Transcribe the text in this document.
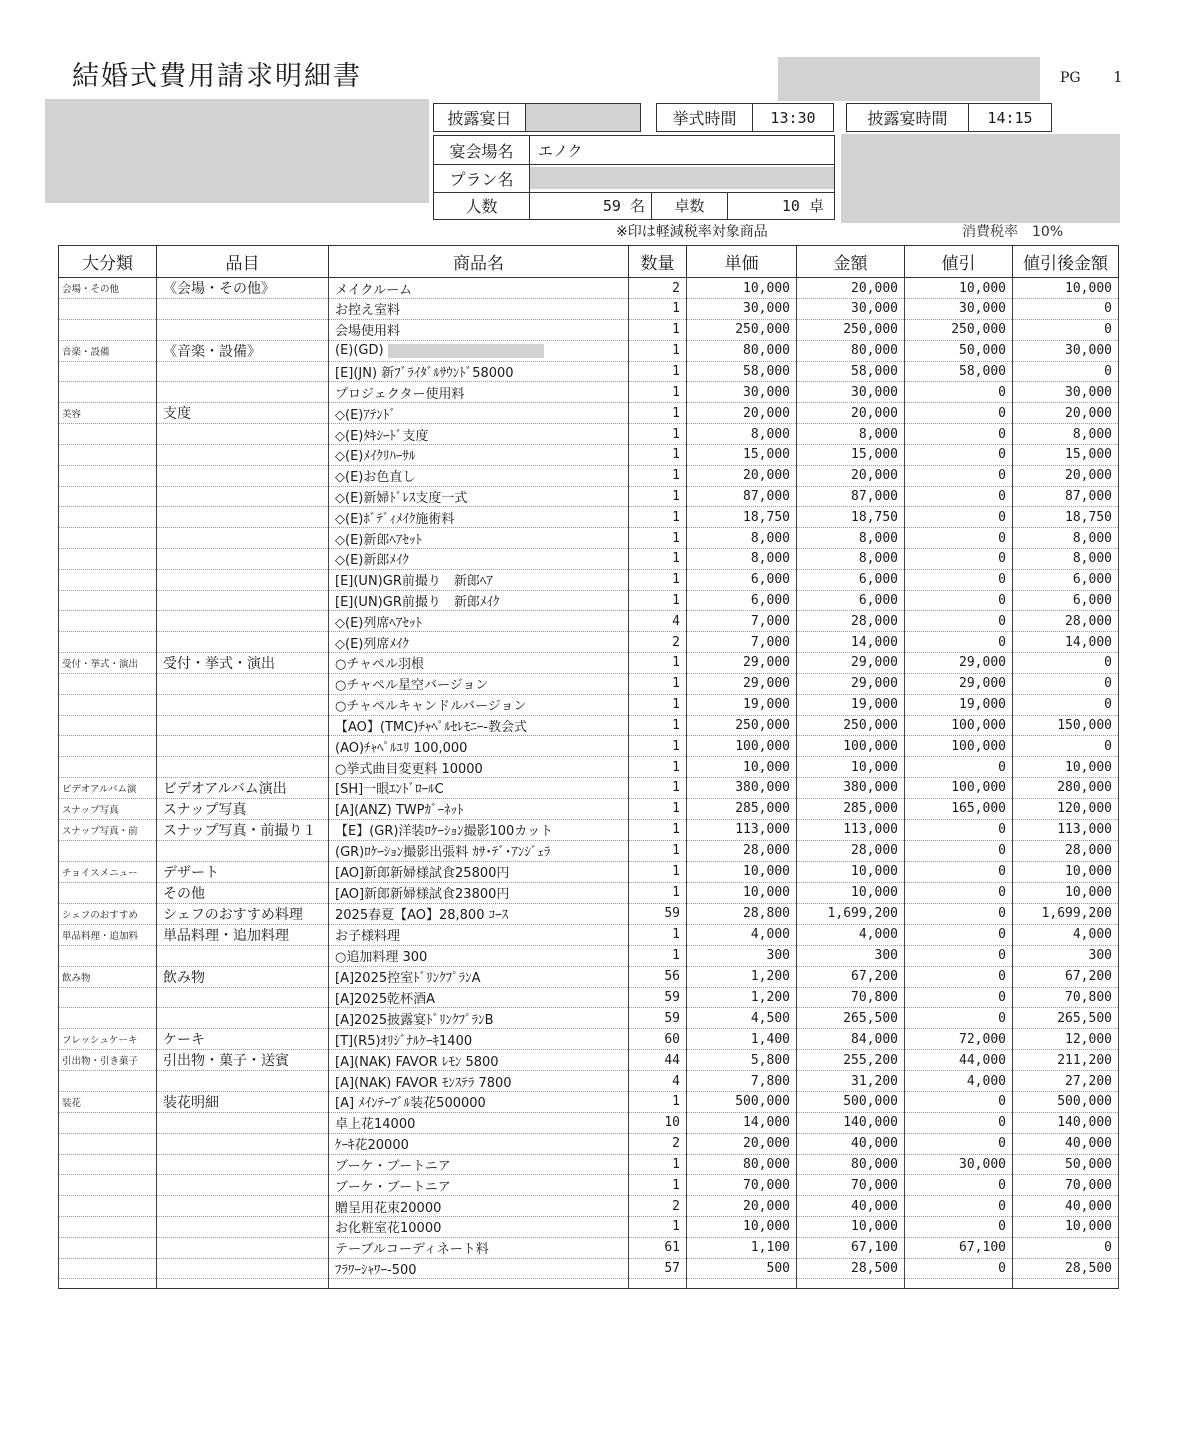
結婚式費用請求明細書	PG 1
披露宴日	挙式時間	13:30	披露宴時間	14:15
宴会場名	エノク
プラン名
人数	59 名	卓数	10 卓
※印は軽減税率対象商品	消費税率　10%
大分類	品目	商品名	数量	単価	金額	値引	値引後金額
会場・その他	《会場・その他》	メイクルーム	2	10,000	20,000	10,000	10,000
		お控え室料	1	30,000	30,000	30,000	0
		会場使用料	1	250,000	250,000	250,000	0
音楽・設備	《音楽・設備》	(E)(GD)	1	80,000	80,000	50,000	30,000
		[E](JN) 新ﾌﾞﾗｲﾀﾞﾙｻｳﾝﾄﾞ58000	1	58,000	58,000	58,000	0
		プロジェクター使用料	1	30,000	30,000	0	30,000
美容	支度	◇(E)ｱﾃﾝﾄﾞ	1	20,000	20,000	0	20,000
		◇(E)ﾀｷｼｰﾄﾞ支度	1	8,000	8,000	0	8,000
		◇(E)ﾒｲｸﾘﾊｰｻﾙ	1	15,000	15,000	0	15,000
		◇(E)お色直し	1	20,000	20,000	0	20,000
		◇(E)新婦ﾄﾞﾚｽ支度一式	1	87,000	87,000	0	87,000
		◇(E)ﾎﾞﾃﾞｨﾒｲｸ施術料	1	18,750	18,750	0	18,750
		◇(E)新郎ﾍｱｾｯﾄ	1	8,000	8,000	0	8,000
		◇(E)新郎ﾒｲｸ	1	8,000	8,000	0	8,000
		[E](UN)GR前撮り　新郎ﾍｱ	1	6,000	6,000	0	6,000
		[E](UN)GR前撮り　新郎ﾒｲｸ	1	6,000	6,000	0	6,000
		◇(E)列席ﾍｱｾｯﾄ	4	7,000	28,000	0	28,000
		◇(E)列席ﾒｲｸ	2	7,000	14,000	0	14,000
受付・挙式・演出	受付・挙式・演出	○チャペル羽根	1	29,000	29,000	29,000	0
		○チャペル星空バージョン	1	29,000	29,000	29,000	0
		○チャペルキャンドルバージョン	1	19,000	19,000	19,000	0
		【AO】(TMC)ﾁｬﾍﾟﾙｾﾚﾓﾆｰ-教会式	1	250,000	250,000	100,000	150,000
		(AO)ﾁｬﾍﾟﾙﾕﾘ 100,000	1	100,000	100,000	100,000	0
		○挙式曲目変更料 10000	1	10,000	10,000	0	10,000
ビデオアルバム演	ビデオアルバム演出	[SH]一眼ｴﾝﾄﾞﾛｰﾙC	1	380,000	380,000	100,000	280,000
スナップ写真	スナップ写真	[A](ANZ) TWPｶﾞｰﾈｯﾄ	1	285,000	285,000	165,000	120,000
スナップ写真・前	スナップ写真・前撮り１	【E】(GR)洋装ﾛｹｰｼｮﾝ撮影100カット	1	113,000	113,000	0	113,000
		(GR)ﾛｹｰｼｮﾝ撮影出張料 ｶｻ･ﾃﾞ･ｱﾝｼﾞｪﾗ	1	28,000	28,000	0	28,000
チョイスメニュー	デザート	[AO]新郎新婦様試食25800円	1	10,000	10,000	0	10,000
	その他	[AO]新郎新婦様試食23800円	1	10,000	10,000	0	10,000
シェフのおすすめ	シェフのおすすめ料理	2025春夏【AO】28,800 ｺｰｽ	59	28,800	1,699,200	0	1,699,200
単品料理・追加料	単品料理・追加料理	お子様料理	1	4,000	4,000	0	4,000
		○追加料理 300	1	300	300	0	300
飲み物	飲み物	[A]2025控室ﾄﾞﾘﾝｸﾌﾟﾗﾝA	56	1,200	67,200	0	67,200
		[A]2025乾杯酒A	59	1,200	70,800	0	70,800
		[A]2025披露宴ﾄﾞﾘﾝｸﾌﾟﾗﾝB	59	4,500	265,500	0	265,500
フレッシュケーキ	ケーキ	[T](R5)ｵﾘｼﾞﾅﾙｹｰｷ1400	60	1,400	84,000	72,000	12,000
引出物・引き菓子	引出物・菓子・送賓	[A](NAK) FAVOR ﾚﾓﾝ 5800	44	5,800	255,200	44,000	211,200
		[A](NAK) FAVOR ﾓﾝｽﾃﾗ 7800	4	7,800	31,200	4,000	27,200
装花	装花明細	[A] ﾒｲﾝﾃｰﾌﾞﾙ装花500000	1	500,000	500,000	0	500,000
		卓上花14000	10	14,000	140,000	0	140,000
		ｹｰｷ花20000	2	20,000	40,000	0	40,000
		ブーケ・ブートニア	1	80,000	80,000	30,000	50,000
		ブーケ・ブートニア	1	70,000	70,000	0	70,000
		贈呈用花束20000	2	20,000	40,000	0	40,000
		お化粧室花10000	1	10,000	10,000	0	10,000
		テーブルコーディネート料	61	1,100	67,100	67,100	0
		ﾌﾗﾜｰｼｬﾜｰ-500	57	500	28,500	0	28,500
